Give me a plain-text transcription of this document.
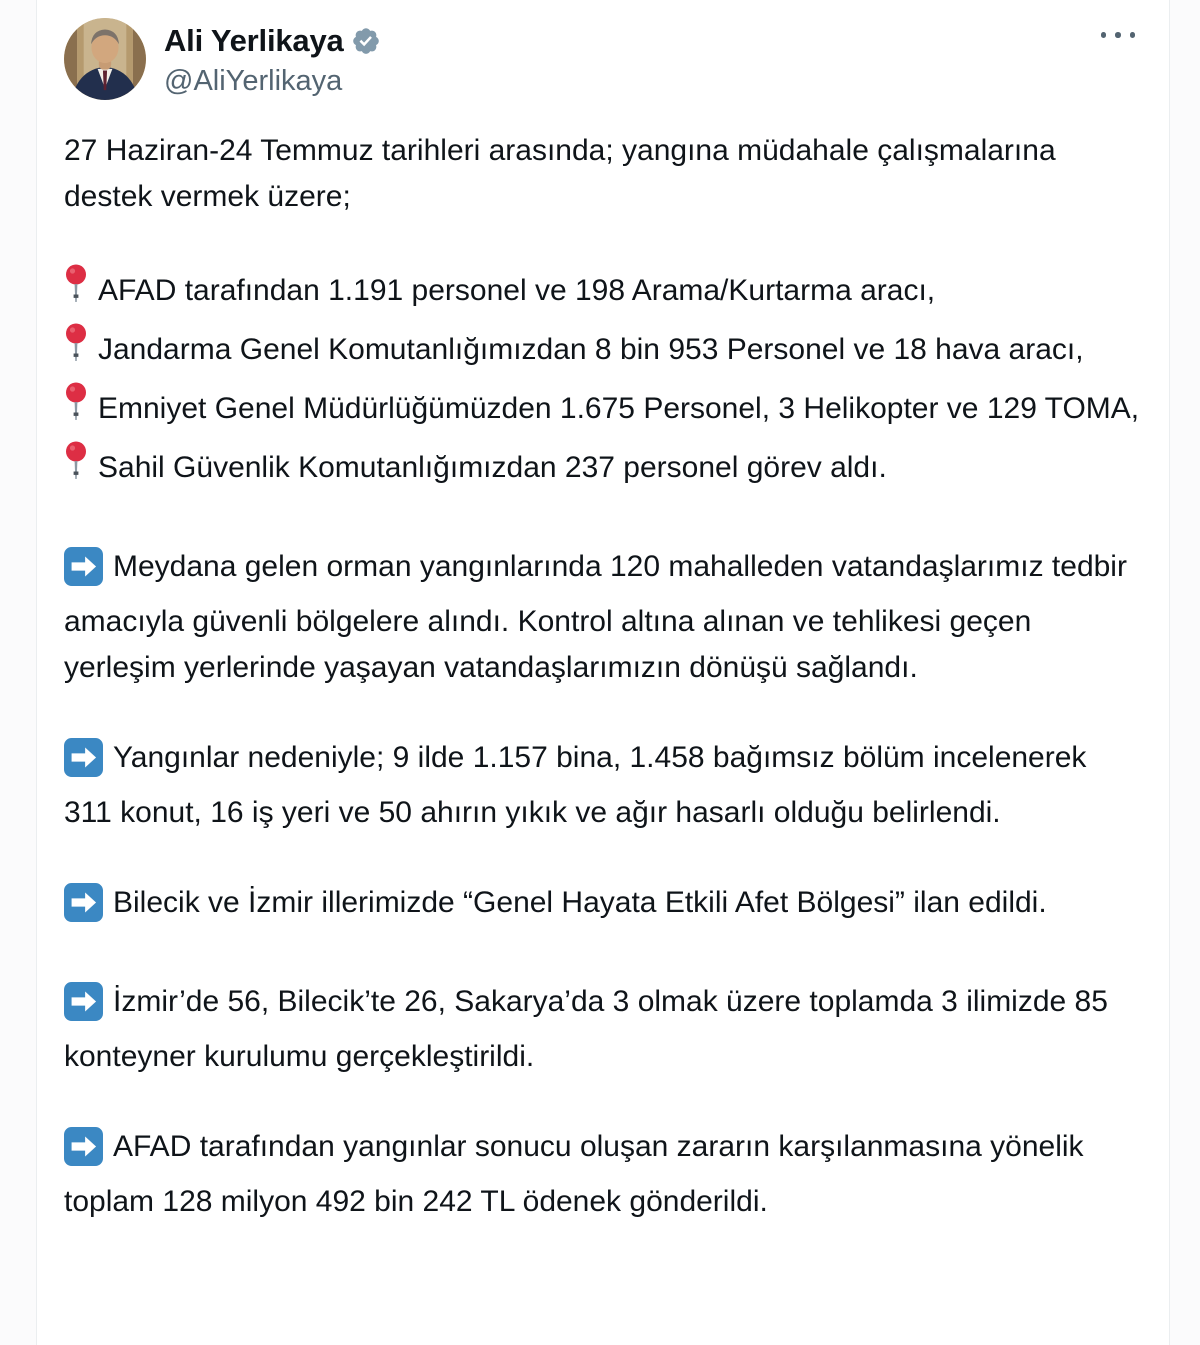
Ali Yerlikaya
@AliYerlikaya

27 Haziran-24 Temmuz tarihleri arasında; yangına müdahale çalışmalarına destek vermek üzere;

AFAD tarafından 1.191 personel ve 198 Arama/Kurtarma aracı,

Jandarma Genel Komutanlığımızdan 8 bin 953 Personel ve 18 hava aracı,

Emniyet Genel Müdürlüğümüzden 1.675 Personel, 3 Helikopter ve 129 TOMA,

Sahil Güvenlik Komutanlığımızdan 237 personel görev aldı.

Meydana gelen orman yangınlarında 120 mahalleden vatandaşlarımız tedbir amacıyla güvenli bölgelere alındı. Kontrol altına alınan ve tehlikesi geçen yerleşim yerlerinde yaşayan vatandaşlarımızın dönüşü sağlandı.

Yangınlar nedeniyle; 9 ilde 1.157 bina, 1.458 bağımsız bölüm incelenerek 311 konut, 16 iş yeri ve 50 ahırın yıkık ve ağır hasarlı olduğu belirlendi.

Bilecik ve İzmir illerimizde “Genel Hayata Etkili Afet Bölgesi” ilan edildi.

İzmir’de 56, Bilecik’te 26, Sakarya’da 3 olmak üzere toplamda 3 ilimizde 85 konteyner kurulumu gerçekleştirildi.

AFAD tarafından yangınlar sonucu oluşan zararın karşılanmasına yönelik toplam 128 milyon 492 bin 242 TL ödenek gönderildi.
